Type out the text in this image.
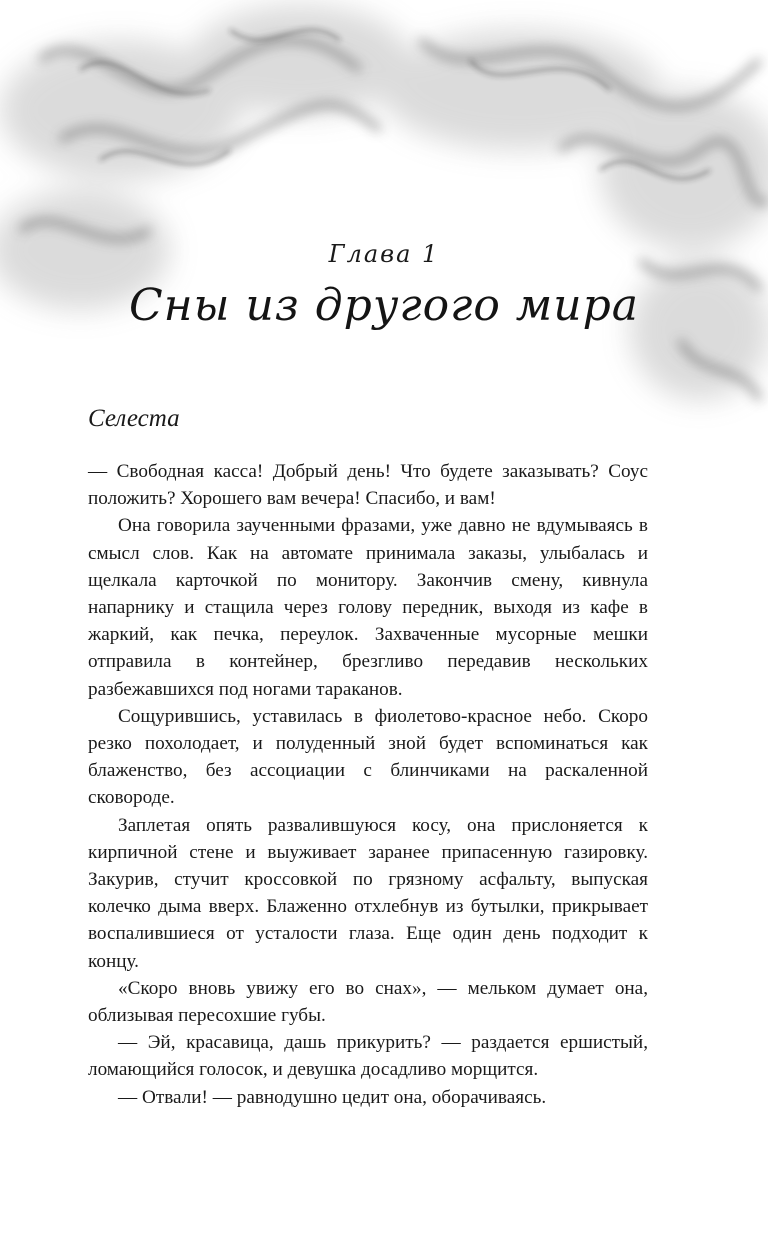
Глава 1
Сны из другого мира
Селеста

— Свободная касса! Добрый день! Что будете заказывать? Соус положить? Хорошего вам вечера! Спасибо, и вам!

Она говорила заученными фразами, уже давно не вдумываясь в смысл слов. Как на автомате принимала заказы, улыбалась и щелкала карточкой по монитору. Закончив смену, кивнула напарнику и стащила через голову передник, выходя из кафе в жаркий, как печка, переулок. Захваченные мусорные мешки отправила в контейнер, брезгливо передавив нескольких разбежавшихся под ногами тараканов.

Сощурившись, уставилась в фиолетово-красное небо. Скоро резко похолодает, и полуденный зной будет вспоминаться как блаженство, без ассоциации с блинчиками на раскаленной сковороде.

Заплетая опять развалившуюся косу, она прислоняется к кирпичной стене и выуживает заранее припасенную газировку. Закурив, стучит кроссовкой по грязному асфальту, выпуская колечко дыма вверх. Блаженно отхлебнув из бутылки, прикрывает воспалившиеся от усталости глаза. Еще один день подходит к концу.

«Скоро вновь увижу его во снах», — мельком думает она, облизывая пересохшие губы.

— Эй, красавица, дашь прикурить? — раздается ершистый, ломающийся голосок, и девушка досадливо морщится.

— Отвали! — равнодушно цедит она, оборачиваясь.
